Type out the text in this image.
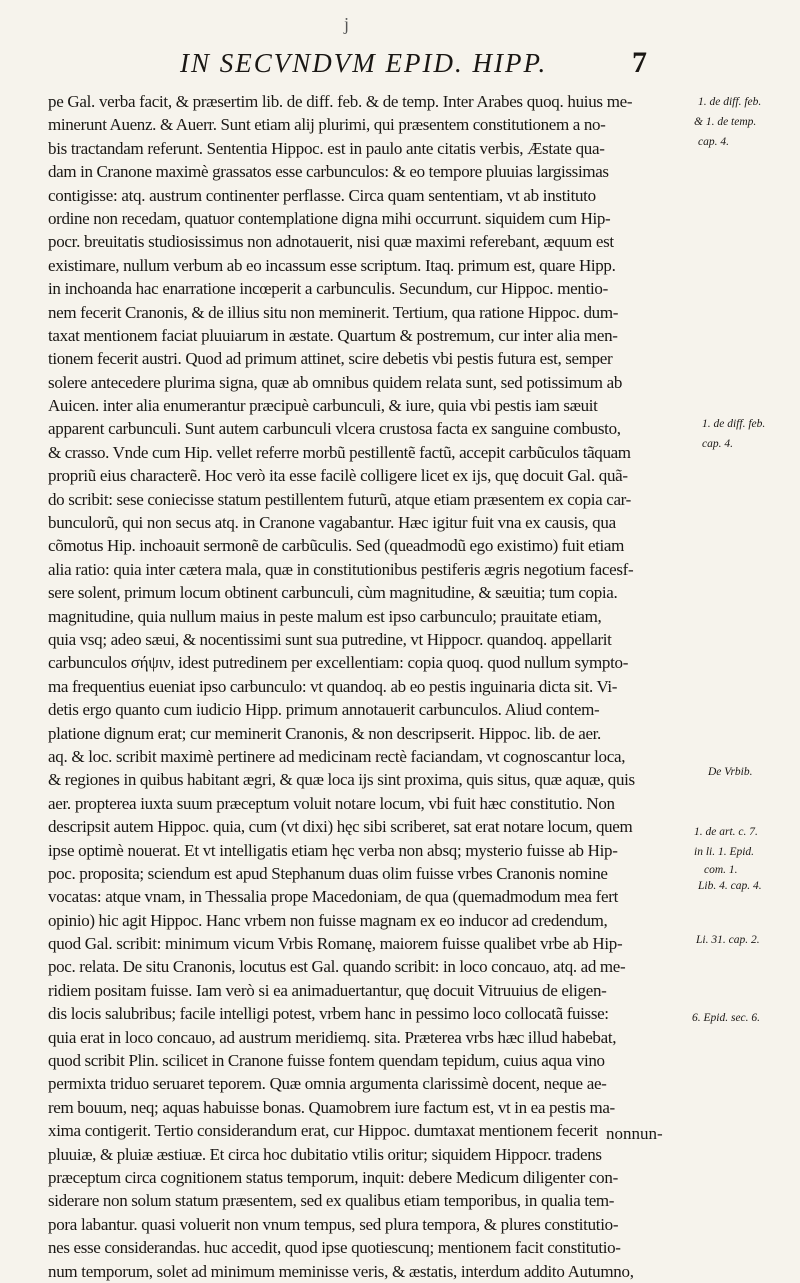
j
IN SECVNDVM EPID. HIPP.	7
pe Gal. verba facit, & præsertim lib. de diff. feb. & de temp. Inter Arabes quoq. huius me-
minerunt Auenz. & Auerr. Sunt etiam alij plurimi, qui præsentem constitutionem a no-
bis tractandam referunt. Sententia Hippoc. est in paulo ante citatis verbis, Æstate qua-
dam in Cranone maximè grassatos esse carbunculos: & eo tempore pluuias largissimas
contigisse: atq. austrum continenter perflasse. Circa quam sententiam, vt ab instituto
ordine non recedam, quatuor contemplatione digna mihi occurrunt. siquidem cum Hip-
pocr. breuitatis studiosissimus non adnotauerit, nisi quæ maximi referebant, æquum est
existimare, nullum verbum ab eo incassum esse scriptum. Itaq. primum est, quare Hipp.
in inchoanda hac enarratione incœperit a carbunculis. Secundum, cur Hippoc. mentio-
nem fecerit Cranonis, & de illius situ non meminerit. Tertium, qua ratione Hippoc. dum-
taxat mentionem faciat pluuiarum in æstate. Quartum & postremum, cur inter alia men-
tionem fecerit austri. Quod ad primum attinet, scire debetis vbi pestis futura est, semper
solere antecedere plurima signa, quæ ab omnibus quidem relata sunt, sed potissimum ab
Auicen. inter alia enumerantur præcipuè carbunculi, & iure, quia vbi pestis iam sæuit
apparent carbunculi. Sunt autem carbunculi vlcera crustosa facta ex sanguine combusto,
& crasso. Vnde cum Hip. vellet referre morbũ pestillentẽ factũ, accepit carbũculos tãquam
propriũ eius characterẽ. Hoc verò ita esse facilè colligere licet ex ijs, quę docuit Gal. quã-
do scribit: sese coniecisse statum pestillentem futurũ, atque etiam præsentem ex copia car-
bunculorũ, qui non secus atq. in Cranone vagabantur. Hæc igitur fuit vna ex causis, qua
cõmotus Hip. inchoauit sermonẽ de carbũculis. Sed (queadmodũ ego existimo) fuit etiam
alia ratio: quia inter cætera mala, quæ in constitutionibus pestiferis ægris negotium facesf-
sere solent, primum locum obtinent carbunculi, cùm magnitudine, & sæuitia; tum copia.
magnitudine, quia nullum maius in peste malum est ipso carbunculo; prauitate etiam,
quia vsq; adeo sæui, & nocentissimi sunt sua putredine, vt Hippocr. quandoq. appellarit
carbunculos σήψιν, idest putredinem per excellentiam: copia quoq. quod nullum sympto-
ma frequentius eueniat ipso carbunculo: vt quandoq. ab eo pestis inguinaria dicta sit. Vi-
detis ergo quanto cum iudicio Hipp. primum annotauerit carbunculos. Aliud contem-
platione dignum erat; cur meminerit Cranonis, & non descripserit. Hippoc. lib. de aer.
aq. & loc. scribit maximè pertinere ad medicinam rectè faciandam, vt cognoscantur loca,
& regiones in quibus habitant ægri, & quæ loca ijs sint proxima, quis situs, quæ aquæ, quis
aer. propterea iuxta suum præceptum voluit notare locum, vbi fuit hæc constitutio. Non
descripsit autem Hippoc. quia, cum (vt dixi) hęc sibi scriberet, sat erat notare locum, quem
ipse optimè nouerat. Et vt intelligatis etiam hęc verba non absq; mysterio fuisse ab Hip-
poc. proposita; sciendum est apud Stephanum duas olim fuisse vrbes Cranonis nomine
vocatas: atque vnam, in Thessalia prope Macedoniam, de qua (quemadmodum mea fert
opinio) hic agit Hippoc. Hanc vrbem non fuisse magnam ex eo inducor ad credendum,
quod Gal. scribit: minimum vicum Vrbis Romanę, maiorem fuisse qualibet vrbe ab Hip-
poc. relata. De situ Cranonis, locutus est Gal. quando scribit: in loco concauo, atq. ad me-
ridiem positam fuisse. Iam verò si ea animaduertantur, quę docuit Vitruuius de eligen-
dis locis salubribus; facile intelligi potest, vrbem hanc in pessimo loco collocatã fuisse:
quia erat in loco concauo, ad austrum meridiemq. sita. Præterea vrbs hæc illud habebat,
quod scribit Plin. scilicet in Cranone fuisse fontem quendam tepidum, cuius aqua vino
permixta triduo seruaret teporem. Quæ omnia argumenta clarissimè docent, neque ae-
rem bouum, neq; aquas habuisse bonas. Quamobrem iure factum est, vt in ea pestis ma-
xima contigerit. Tertio considerandum erat, cur Hippoc. dumtaxat mentionem fecerit
pluuiæ, & pluiæ æstiuæ. Et circa hoc dubitatio vtilis oritur; siquidem Hippocr. tradens
præceptum circa cognitionem status temporum, inquit: debere Medicum diligenter con-
siderare non solum statum præsentem, sed ex qualibus etiam temporibus, in qualia tem-
pora labantur. quasi voluerit non vnum tempus, sed plura tempora, & plures constitutio-
nes esse considerandas. huc accedit, quod ipse quotiescunq; mentionem facit constitutio-
num temporum, solet ad minimum meminisse veris, & æstatis, interdum addito Autumno,
nonnun-
1. de diff. feb.
& 1. de temp.
cap. 4.
1. de diff. feb.
cap. 4.
De Vrbib.
1. de art. c. 7.
in li. 1. Epid.
com. 1.
Lib. 4. cap. 4.
Li. 31. cap. 2.
6. Epid. sec. 6.
